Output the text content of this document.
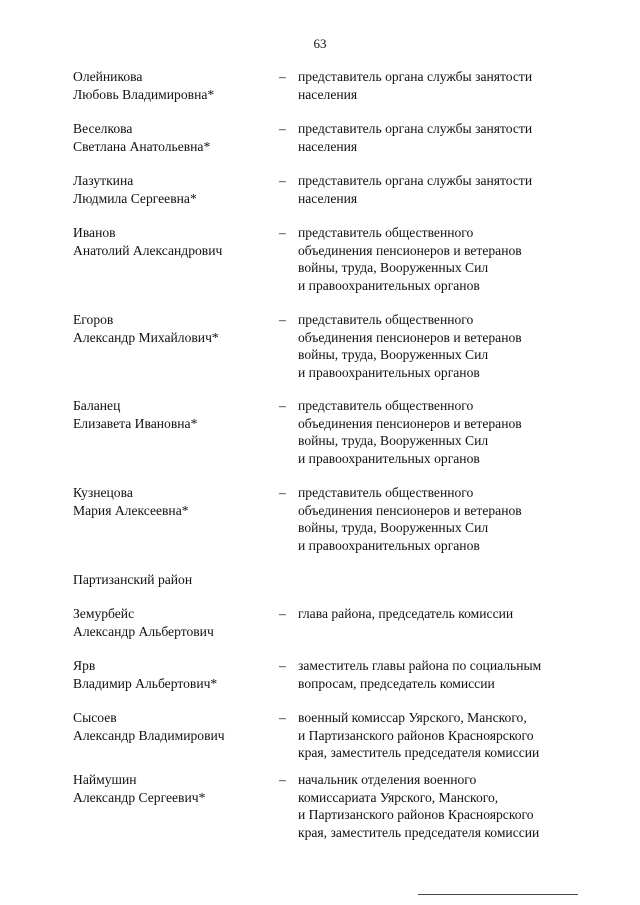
63
Олейникова
Любовь Владимировна*
– представитель органа службы занятости
населения
Веселкова
Светлана Анатольевна*
– представитель органа службы занятости
населения
Лазуткина
Людмила Сергеевна*
– представитель органа службы занятости
населения
Иванов
Анатолий Александрович
– представитель общественного
объединения пенсионеров и ветеранов
войны, труда, Вооруженных Сил
и правоохранительных органов
Егоров
Александр Михайлович*
– представитель общественного
объединения пенсионеров и ветеранов
войны, труда, Вооруженных Сил
и правоохранительных органов
Баланец
Елизавета Ивановна*
– представитель общественного
объединения пенсионеров и ветеранов
войны, труда, Вооруженных Сил
и правоохранительных органов
Кузнецова
Мария Алексеевна*
– представитель общественного
объединения пенсионеров и ветеранов
войны, труда, Вооруженных Сил
и правоохранительных органов
Партизанский район
Земурбейс
Александр Альбертович
– глава района, председатель комиссии
Ярв
Владимир Альбертович*
– заместитель главы района по социальным
вопросам, председатель комиссии
Сысоев
Александр Владимирович
– военный комиссар Уярского, Манского,
и Партизанского районов Красноярского
края, заместитель председателя комиссии
Наймушин
Александр Сергеевич*
– начальник отделения военного
комиссариата Уярского, Манского,
и Партизанского районов Красноярского
края, заместитель председателя комиссии
